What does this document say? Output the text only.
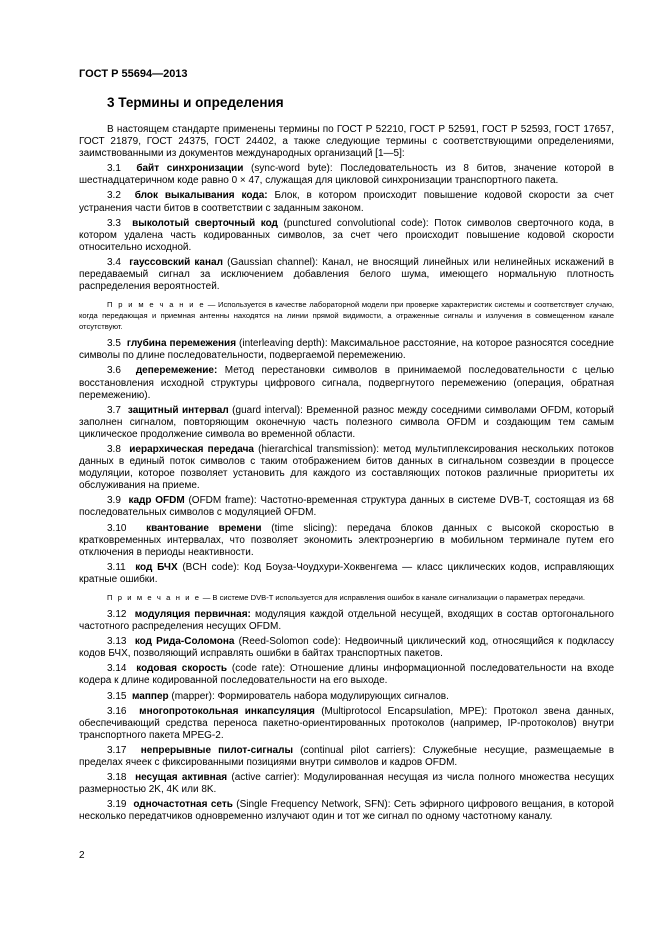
ГОСТ Р 55694—2013
3 Термины и определения

В настоящем стандарте применены термины по ГОСТ Р 52210, ГОСТ Р 52591, ГОСТ Р 52593, ГОСТ 17657, ГОСТ 21879, ГОСТ 24375, ГОСТ 24402, а также следующие термины с соответствующими определениями, заимствованными из документов международных организаций [1—5]:

3.1 байт синхронизации (sync-word byte): Последовательность из 8 битов, значение которой в шестнадцатеричном коде равно 0 × 47, служащая для цикловой синхронизации транспортного пакета.

3.2 блок выкалывания кода: Блок, в котором происходит повышение кодовой скорости за счет устранения части битов в соответствии с заданным законом.

3.3 выколотый сверточный код (punctured convolutional code): Поток символов сверточного кода, в котором удалена часть кодированных символов, за счет чего происходит повышение кодовой скорости относительно исходной.

3.4 гауссовский канал (Gaussian channel): Канал, не вносящий линейных или нелинейных искажений в передаваемый сигнал за исключением добавления белого шума, имеющего нормальную плотность распределения вероятностей.

П р и м е ч а н и е — Используется в качестве лабораторной модели при проверке характеристик системы и соответствует случаю, когда передающая и приемная антенны находятся на линии прямой видимости, а отраженные сигналы и излучения в совмещенном канале отсутствуют.

3.5 глубина перемежения (interleaving depth): Максимальное расстояние, на которое разносятся соседние символы по длине последовательности, подвергаемой перемежению.

3.6 деперемежение: Метод перестановки символов в принимаемой последовательности с целью восстановления исходной структуры цифрового сигнала, подвергнутого перемежению (операция, обратная перемежению).

3.7 защитный интервал (guard interval): Временной разнос между соседними символами OFDM, который заполнен сигналом, повторяющим оконечную часть полезного символа OFDM и создающим тем самым циклическое продолжение символа во временной области.

3.8 иерархическая передача (hierarchical transmission): метод мультиплексирования нескольких потоков данных в единый поток символов с таким отображением битов данных в сигнальном созвездии в процессе модуляции, которое позволяет установить для каждого из составляющих потоков различные приоритеты их обслуживания на приеме.

3.9 кадр OFDM (OFDM frame): Частотно-временная структура данных в системе DVB-T, состоящая из 68 последовательных символов с модуляцией OFDM.

3.10 квантование времени (time slicing): передача блоков данных с высокой скоростью в кратковременных интервалах, что позволяет экономить электроэнергию в мобильном терминале путем его отключения в периоды неактивности.

3.11 код БЧХ (BCH code): Код Боуза-Чоудхури-Хоквенгема — класс циклических кодов, исправляющих кратные ошибки.

П р и м е ч а н и е — В системе DVB-T используется для исправления ошибок в канале сигнализации о параметрах передачи.

3.12 модуляция первичная: модуляция каждой отдельной несущей, входящих в состав ортогонального частотного распределения несущих OFDM.

3.13 код Рида-Соломона (Reed-Solomon code): Недвоичный циклический код, относящийся к подклассу кодов БЧХ, позволяющий исправлять ошибки в байтах транспортных пакетов.

3.14 кодовая скорость (code rate): Отношение длины информационной последовательности на входе кодера к длине кодированной последовательности на его выходе.

3.15 маппер (mapper): Формирователь набора модулирующих сигналов.

3.16 многопротокольная инкапсуляция (Multiprotocol Encapsulation, MPE): Протокол звена данных, обеспечивающий средства переноса пакетно-ориентированных протоколов (например, IP-протоколов) внутри транспортного пакета MPEG-2.

3.17 непрерывные пилот-сигналы (continual pilot carriers): Служебные несущие, размещаемые в пределах ячеек с фиксированными позициями внутри символов и кадров OFDM.

3.18 несущая активная (active carrier): Модулированная несущая из числа полного множества несущих размерностью 2K, 4K или 8K.

3.19 одночастотная сеть (Single Frequency Network, SFN): Сеть эфирного цифрового вещания, в которой несколько передатчиков одновременно излучают один и тот же сигнал по одному частотному каналу.

2
